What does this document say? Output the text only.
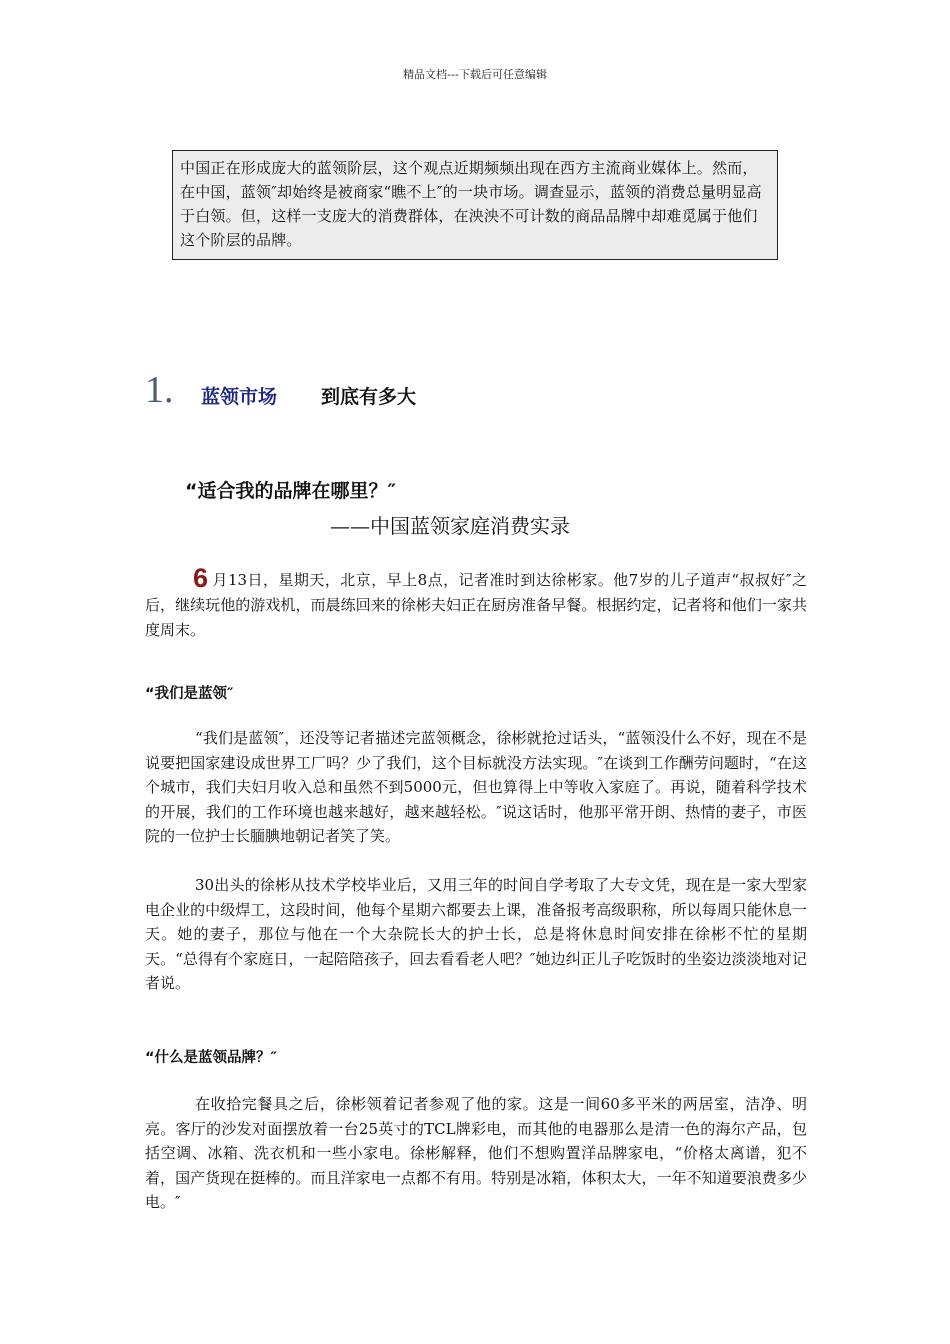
精品文档---下载后可任意编辑

中国正在形成庞大的蓝领阶层，这个观点近期频频出现在西方主流商业媒体上。然而，在中国，蓝领″却始终是被商家“瞧不上″的一块市场。调查显示，蓝领的消费总量明显高于白领。但，这样一支庞大的消费群体，在泱泱不可计数的商品品牌中却难觅属于他们这个阶层的品牌。

1. 蓝领市场 到底有多大
“适合我的品牌在哪里？″
——中国蓝领家庭消费实录

6 月13日，星期天，北京，早上8点，记者准时到达徐彬家。他7岁的儿子道声“叔叔好″之后，继续玩他的游戏机，而晨练回来的徐彬夫妇正在厨房准备早餐。根据约定，记者将和他们一家共度周末。

“我们是蓝领″

“我们是蓝领″，还没等记者描述完蓝领概念，徐彬就抢过话头，“蓝领没什么不好，现在不是说要把国家建设成世界工厂吗？少了我们，这个目标就没方法实现。″在谈到工作酬劳问题时，“在这个城市，我们夫妇月收入总和虽然不到5000元，但也算得上中等收入家庭了。再说，随着科学技术的开展，我们的工作环境也越来越好，越来越轻松。″说这话时，他那平常开朗、热情的妻子，市医院的一位护士长腼腆地朝记者笑了笑。

30出头的徐彬从技术学校毕业后，又用三年的时间自学考取了大专文凭，现在是一家大型家电企业的中级焊工，这段时间，他每个星期六都要去上课，准备报考高级职称，所以每周只能休息一天。她的妻子，那位与他在一个大杂院长大的护士长，总是将休息时间安排在徐彬不忙的星期天。“总得有个家庭日，一起陪陪孩子，回去看看老人吧？″她边纠正儿子吃饭时的坐姿边淡淡地对记者说。

“什么是蓝领品牌？″

在收拾完餐具之后，徐彬领着记者参观了他的家。这是一间60多平米的两居室，洁净、明亮。客厅的沙发对面摆放着一台25英寸的TCL牌彩电，而其他的电器那么是清一色的海尔产品，包括空调、冰箱、洗衣机和一些小家电。徐彬解释，他们不想购置洋品牌家电，“价格太离谱，犯不着，国产货现在挺棒的。而且洋家电一点都不有用。特别是冰箱，体积太大，一年不知道要浪费多少电。″
